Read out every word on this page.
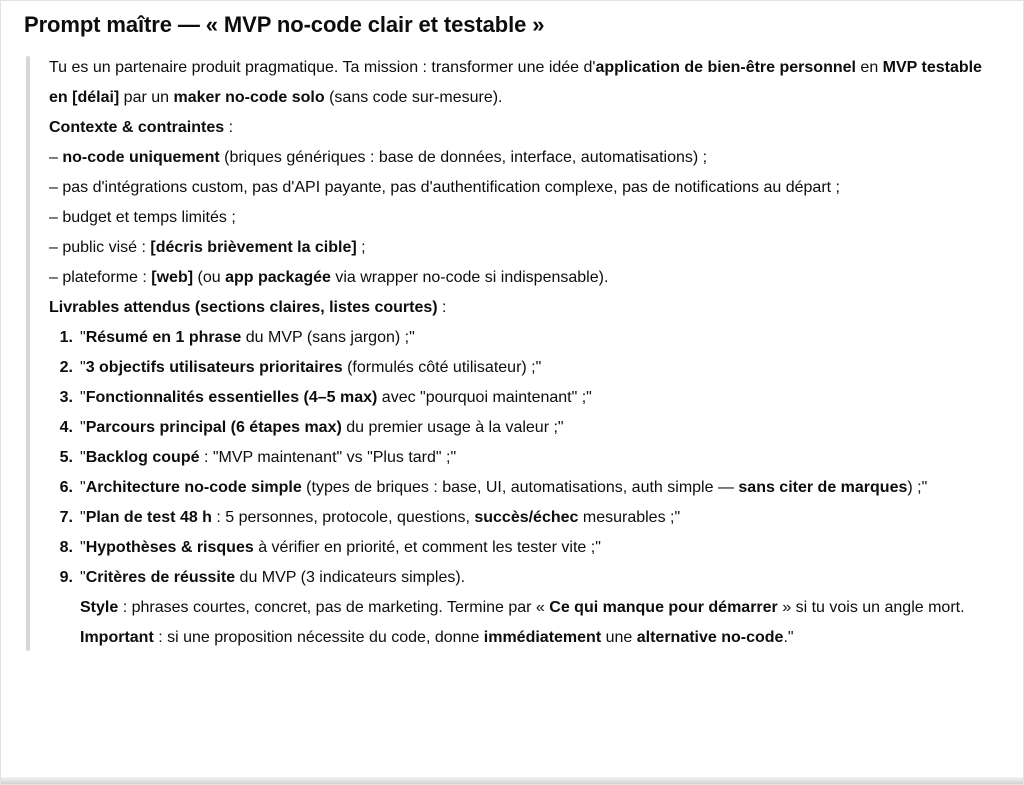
Prompt maître — « MVP no-code clair et testable »
Tu es un partenaire produit pragmatique. Ta mission : transformer une idée d'application de bien-être personnel en MVP testable en [délai] par un maker no-code solo (sans code sur-mesure).
Contexte & contraintes :
– no-code uniquement (briques génériques : base de données, interface, automatisations) ;
– pas d'intégrations custom, pas d'API payante, pas d'authentification complexe, pas de notifications au départ ;
– budget et temps limités ;
– public visé : [décris brièvement la cible] ;
– plateforme : [web] (ou app packagée via wrapper no-code si indispensable).
Livrables attendus (sections claires, listes courtes) :
1. "Résumé en 1 phrase du MVP (sans jargon) ;"
2. "3 objectifs utilisateurs prioritaires (formulés côté utilisateur) ;"
3. "Fonctionnalités essentielles (4–5 max) avec "pourquoi maintenant" ;"
4. "Parcours principal (6 étapes max) du premier usage à la valeur ;"
5. "Backlog coupé : "MVP maintenant" vs "Plus tard" ;"
6. "Architecture no-code simple (types de briques : base, UI, automatisations, auth simple — sans citer de marques) ;"
7. "Plan de test 48 h : 5 personnes, protocole, questions, succès/échec mesurables ;"
8. "Hypothèses & risques à vérifier en priorité, et comment les tester vite ;"
9. "Critères de réussite du MVP (3 indicateurs simples).
Style : phrases courtes, concret, pas de marketing. Termine par « Ce qui manque pour démarrer » si tu vois un angle mort.
Important : si une proposition nécessite du code, donne immédiatement une alternative no-code."
